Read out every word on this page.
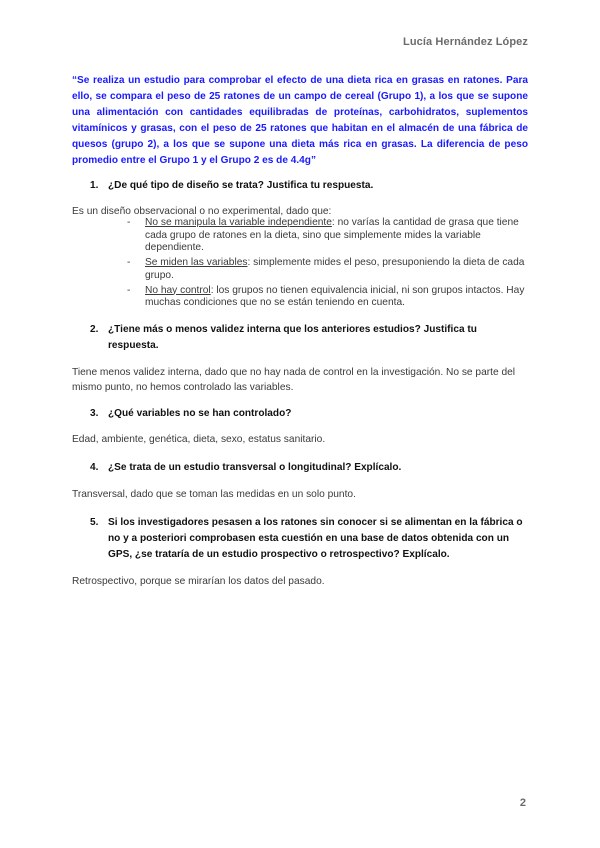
Lucía Hernández López
“Se realiza un estudio para comprobar el efecto de una dieta rica en grasas en ratones. Para ello, se compara el peso de 25 ratones de un campo de cereal (Grupo 1), a los que se supone una alimentación con cantidades equilibradas de proteínas, carbohidratos, suplementos vitamínicos y grasas, con el peso de 25 ratones que habitan en el almacén de una fábrica de quesos (grupo 2), a los que se supone una dieta más rica en grasas. La diferencia de peso promedio entre el Grupo 1 y el Grupo 2 es de 4.4g”
1. ¿De qué tipo de diseño se trata? Justifica tu respuesta.
Es un diseño observacional o no experimental, dado que:
- No se manipula la variable independiente: no varías la cantidad de grasa que tiene cada grupo de ratones en la dieta, sino que simplemente mides la variable dependiente.
- Se miden las variables: simplemente mides el peso, presuponiendo la dieta de cada grupo.
- No hay control: los grupos no tienen equivalencia inicial, ni son grupos intactos. Hay muchas condiciones que no se están teniendo en cuenta.
2. ¿Tiene más o menos validez interna que los anteriores estudios? Justifica tu respuesta.
Tiene menos validez interna, dado que no hay nada de control en la investigación. No se parte del mismo punto, no hemos controlado las variables.
3. ¿Qué variables no se han controlado?
Edad, ambiente, genética, dieta, sexo, estatus sanitario.
4. ¿Se trata de un estudio transversal o longitudinal? Explícalo.
Transversal, dado que se toman las medidas en un solo punto.
5. Si los investigadores pesasen a los ratones sin conocer si se alimentan en la fábrica o no y a posteriori comprobasen esta cuestión en una base de datos obtenida con un GPS, ¿se trataría de un estudio prospectivo o retrospectivo? Explícalo.
Retrospectivo, porque se mirarían los datos del pasado.
2
